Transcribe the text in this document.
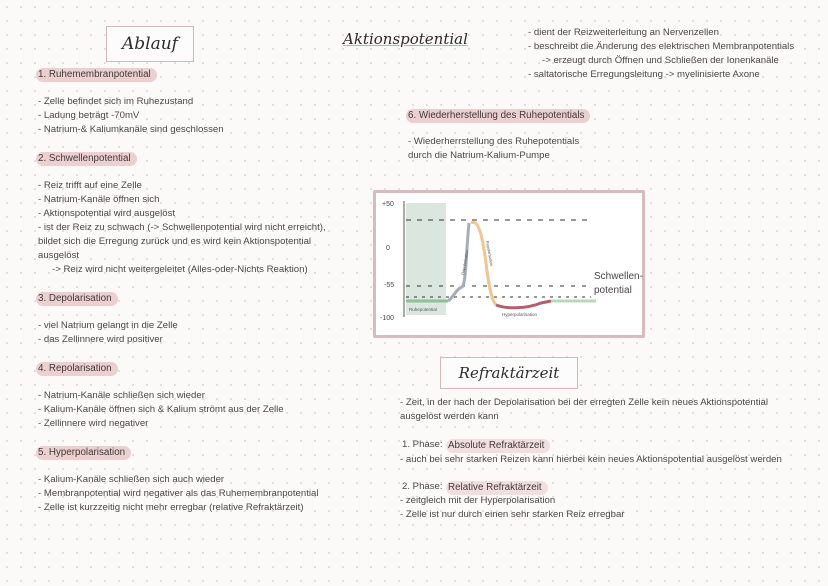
Ablauf	Aktionspotential	- dient der Reizweiterleitung an Nervenzellen
- beschreibt die Änderung des elektrischen Membranpotentials
-> erzeugt durch Öffnen und Schließen der Ionenkanäle
- saltatorische Erregungsleitung -> myelinisierte Axone
1. Ruhemembranpotential
- Zelle befindet sich im Ruhezustand
- Ladung beträgt -70mV
- Natrium-& Kaliumkanäle sind geschlossen
2. Schwellenpotential
- Reiz trifft auf eine Zelle
- Natrium-Kanäle öffnen sich
- Aktionspotential wird ausgelöst
- ist der Reiz zu schwach (-> Schwellenpotential wird nicht erreicht),
bildet sich die Erregung zurück und es wird kein Aktionspotential
ausgelöst
-> Reiz wird nicht weitergeleitet (Alles-oder-Nichts Reaktion)
3. Depolarisation
- viel Natrium gelangt in die Zelle
- das Zellinnere wird positiver
4. Repolarisation
- Natrium-Kanäle schließen sich wieder
- Kalium-Kanäle öffnen sich & Kalium strömt aus der Zelle
- Zellinnere wird negativer
5. Hyperpolarisation
- Kalium-Kanäle schließen sich auch wieder
- Membranpotential wird negativer als das Ruhemembranpotential
- Zelle ist kurzzeitig nicht mehr erregbar (relative Refraktärzeit)
6. Wiederherstellung des Ruhepotentials
- Wiederherrstellung des Ruhepotentials
durch die Natrium-Kalium-Pumpe
+50
0
-55
-100
Ruhepotential
Depolarisation	Repolarisation
Hyperpolarisation
Schwellen-
potential
Refraktärzeit
- Zeit, in der nach der Depolarisation bei der erregten Zelle kein neues Aktionspotential
ausgelöst werden kann
1. Phase: Absolute Refraktärzeit
- auch bei sehr starken Reizen kann hierbei kein neues Aktionspotential ausgelöst werden
2. Phase: Relative Refraktärzeit
- zeitgleich mit der Hyperpolarisation
- Zelle ist nur durch einen sehr starken Reiz erregbar
